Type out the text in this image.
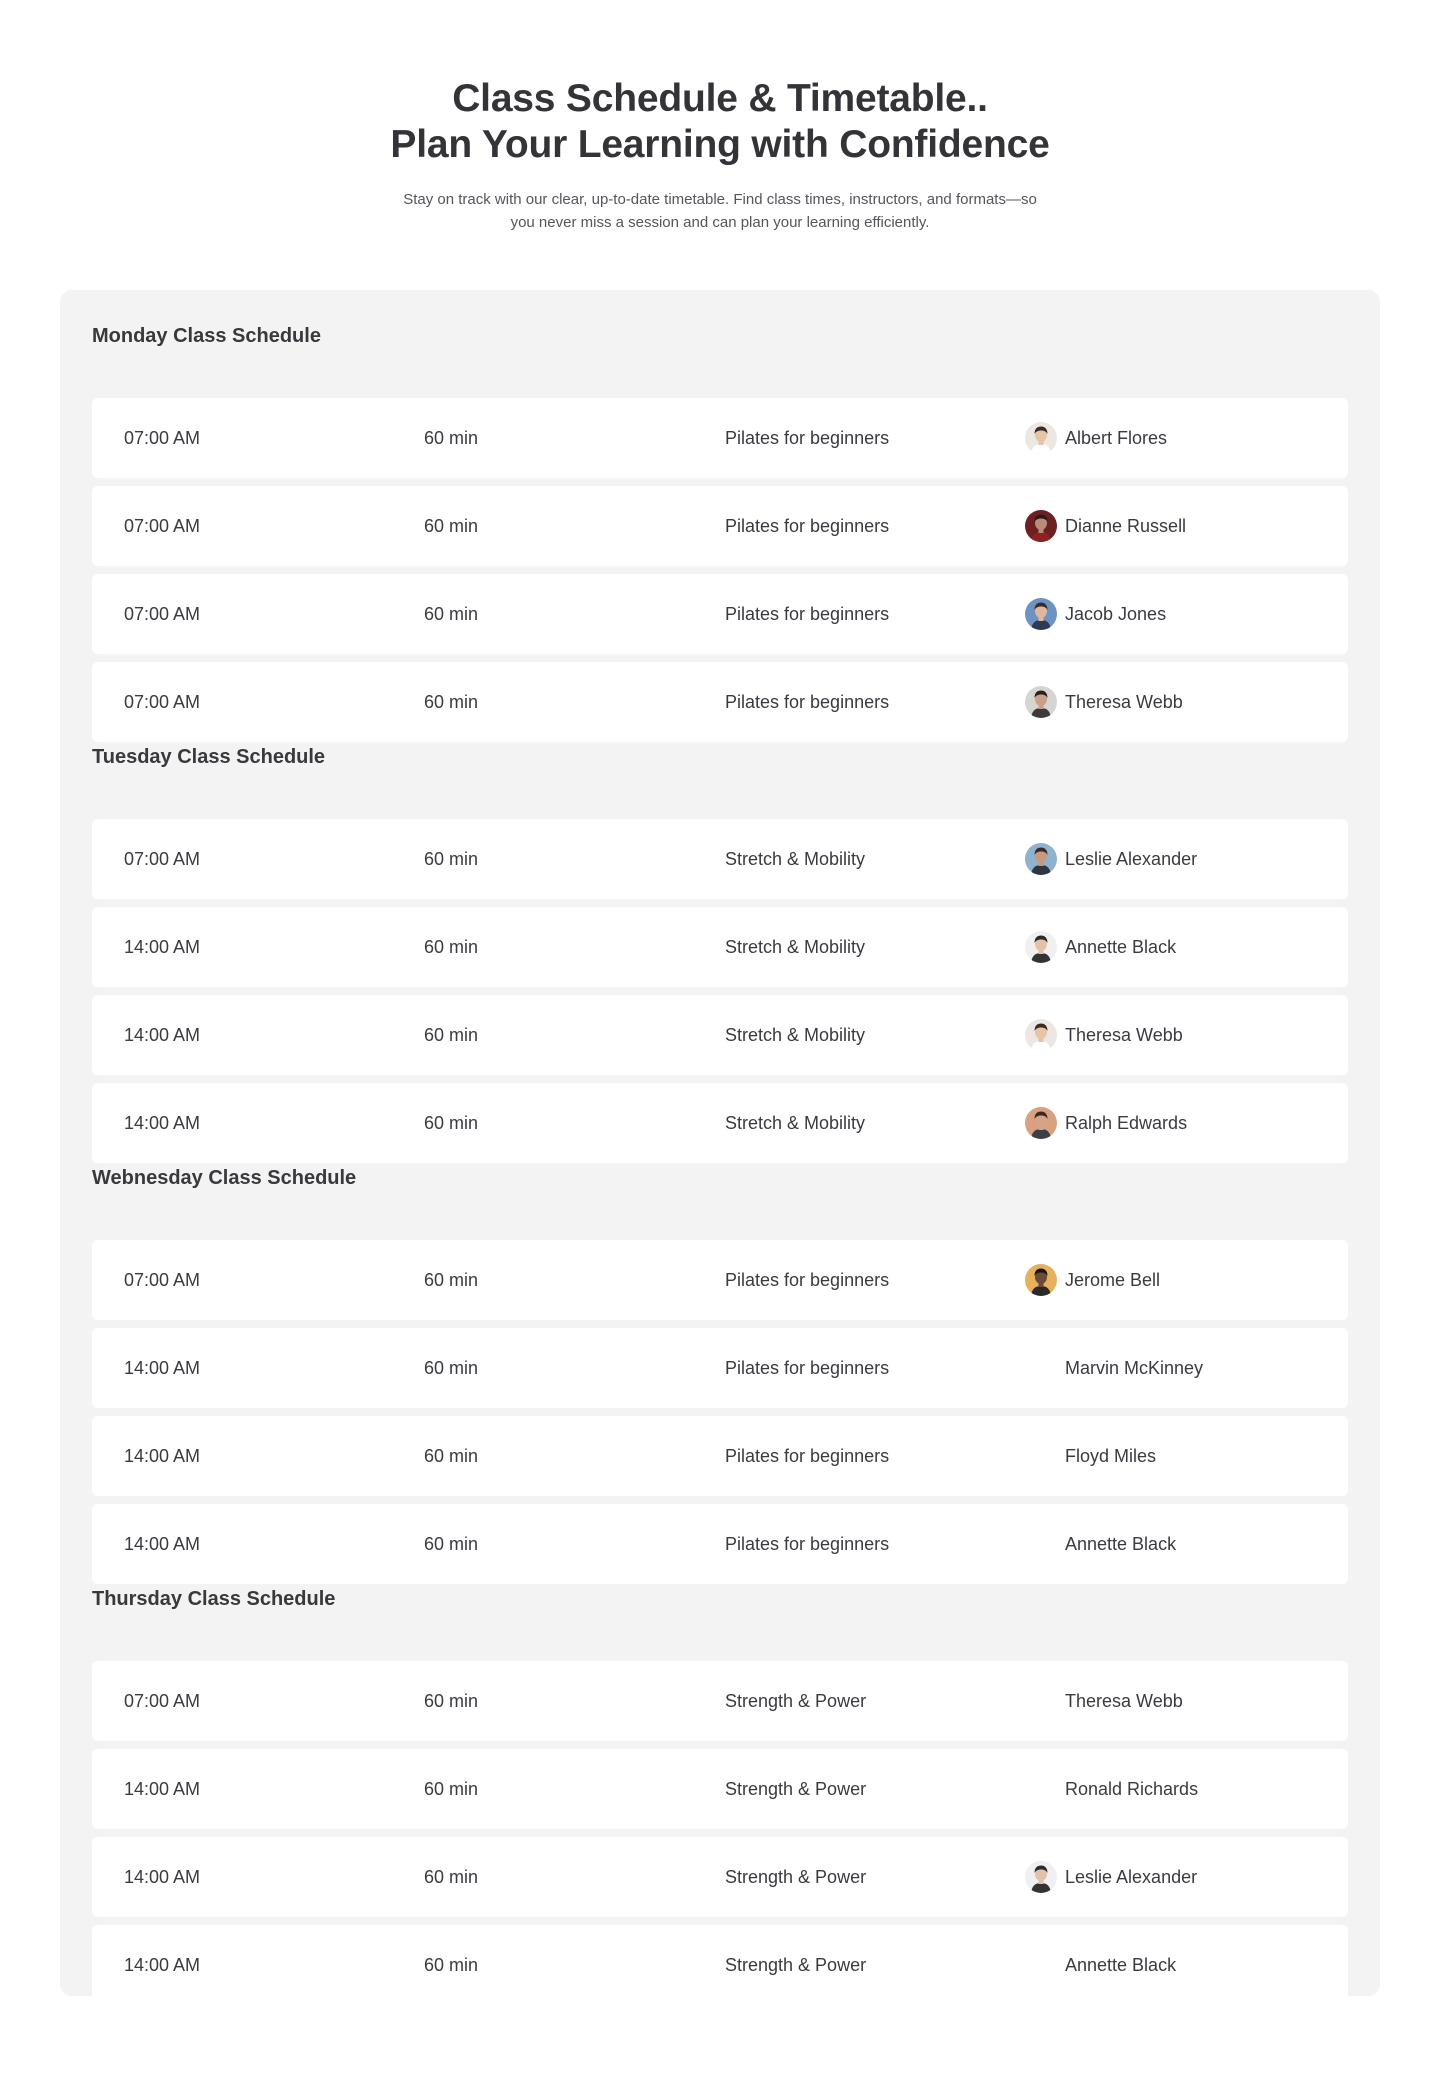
Class Schedule & Timetable..
Plan Your Learning with Confidence

Stay on track with our clear, up-to-date timetable. Find class times, instructors, and formats—so you never miss a session and can plan your learning efficiently.

Monday Class Schedule
07:00 AM	60 min	Pilates for beginners	Albert Flores
07:00 AM	60 min	Pilates for beginners	Dianne Russell
07:00 AM	60 min	Pilates for beginners	Jacob Jones
07:00 AM	60 min	Pilates for beginners	Theresa Webb
Tuesday Class Schedule
07:00 AM	60 min	Stretch & Mobility	Leslie Alexander
14:00 AM	60 min	Stretch & Mobility	Annette Black
14:00 AM	60 min	Stretch & Mobility	Theresa Webb
14:00 AM	60 min	Stretch & Mobility	Ralph Edwards
Webnesday Class Schedule
07:00 AM	60 min	Pilates for beginners	Jerome Bell
14:00 AM	60 min	Pilates for beginners	Marvin McKinney
14:00 AM	60 min	Pilates for beginners	Floyd Miles
14:00 AM	60 min	Pilates for beginners	Annette Black
Thursday Class Schedule
07:00 AM	60 min	Strength & Power	Theresa Webb
14:00 AM	60 min	Strength & Power	Ronald Richards
14:00 AM	60 min	Strength & Power	Leslie Alexander
14:00 AM	60 min	Strength & Power	Annette Black
